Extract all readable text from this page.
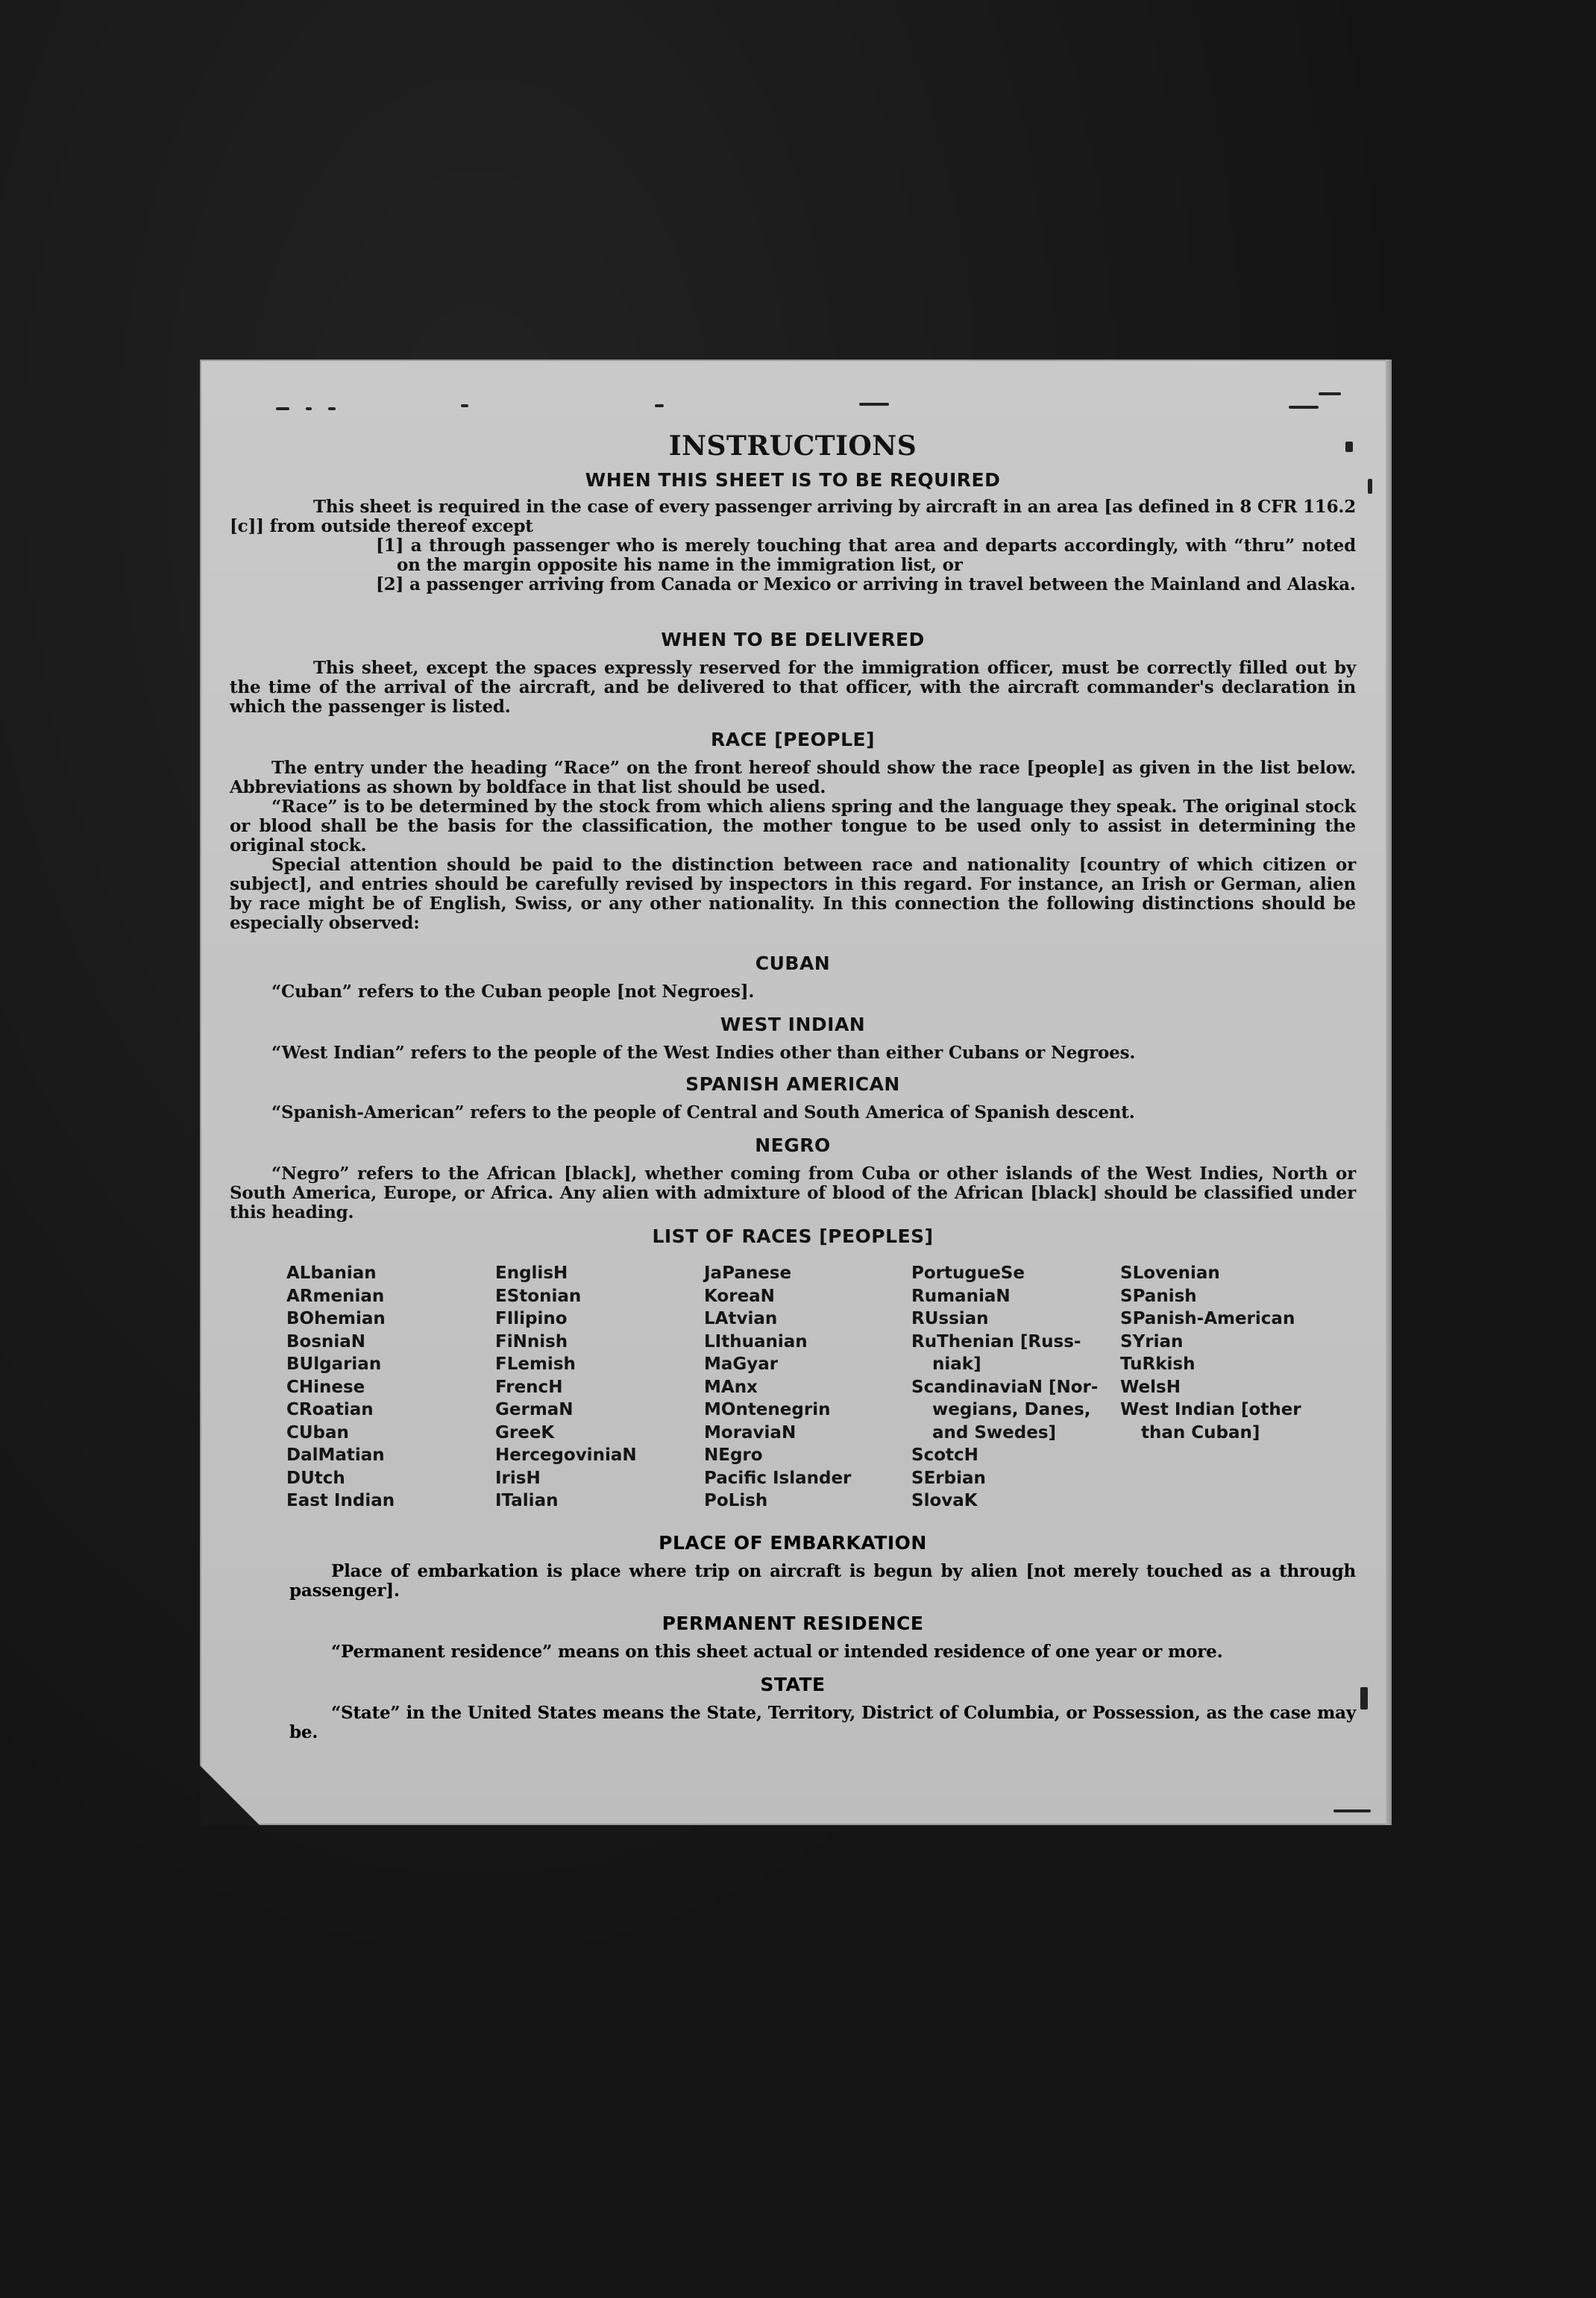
INSTRUCTIONS
WHEN THIS SHEET IS TO BE REQUIRED
This sheet is required in the case of every passenger arriving by aircraft in an area [as defined in 8 CFR 116.2 [c]] from outside thereof except
[1] a through passenger who is merely touching that area and departs accordingly, with “thru” noted on the margin opposite his name in the immigration list, or
[2] a passenger arriving from Canada or Mexico or arriving in travel between the Mainland and Alaska.
WHEN TO BE DELIVERED
This sheet, except the spaces expressly reserved for the immigration officer, must be correctly filled out by the time of the arrival of the aircraft, and be delivered to that officer, with the aircraft commander's declaration in which the passenger is listed.
RACE [PEOPLE]
The entry under the heading “Race” on the front hereof should show the race [people] as given in the list below. Abbreviations as shown by boldface in that list should be used.
“Race” is to be determined by the stock from which aliens spring and the language they speak. The original stock or blood shall be the basis for the classification, the mother tongue to be used only to assist in determining the original stock.
Special attention should be paid to the distinction between race and nationality [country of which citizen or subject], and entries should be carefully revised by inspectors in this regard. For instance, an Irish or German, alien by race might be of English, Swiss, or any other nationality. In this connection the following distinctions should be especially observed:
CUBAN
“Cuban” refers to the Cuban people [not Negroes].
WEST INDIAN
“West Indian” refers to the people of the West Indies other than either Cubans or Negroes.
SPANISH AMERICAN
“Spanish-American” refers to the people of Central and South America of Spanish descent.
NEGRO
“Negro” refers to the African [black], whether coming from Cuba or other islands of the West Indies, North or South America, Europe, or Africa. Any alien with admixture of blood of the African [black] should be classified under this heading.
LIST OF RACES [PEOPLES]
ALbanian
ARmenian
BOhemian
BosniaN
BUlgarian
CHinese
CRoatian
CUban
DalMatian
DUtch
East Indian
EnglisH
EStonian
FIlipino
FiNnish
FLemish
FrencH
GermaN
GreeK
HercegoviniaN
IrisH
ITalian
JaPanese
KoreaN
LAtvian
LIthuanian
MaGyar
MAnx
MOntenegrin
MoraviaN
NEgro
Pacific Islander
PoLish
PortugueSe
RumaniaN
RUssian
RuThenian [Russ-
niak]
ScandinaviaN [Nor-
wegians, Danes,
and Swedes]
ScotcH
SErbian
SlovaK
SLovenian
SPanish
SPanish-American
SYrian
TuRkish
WelsH
West Indian [other
than Cuban]
PLACE OF EMBARKATION
Place of embarkation is place where trip on aircraft is begun by alien [not merely touched as a through passenger].
PERMANENT RESIDENCE
“Permanent residence” means on this sheet actual or intended residence of one year or more.
STATE
“State” in the United States means the State, Territory, District of Columbia, or Possession, as the case may be.
